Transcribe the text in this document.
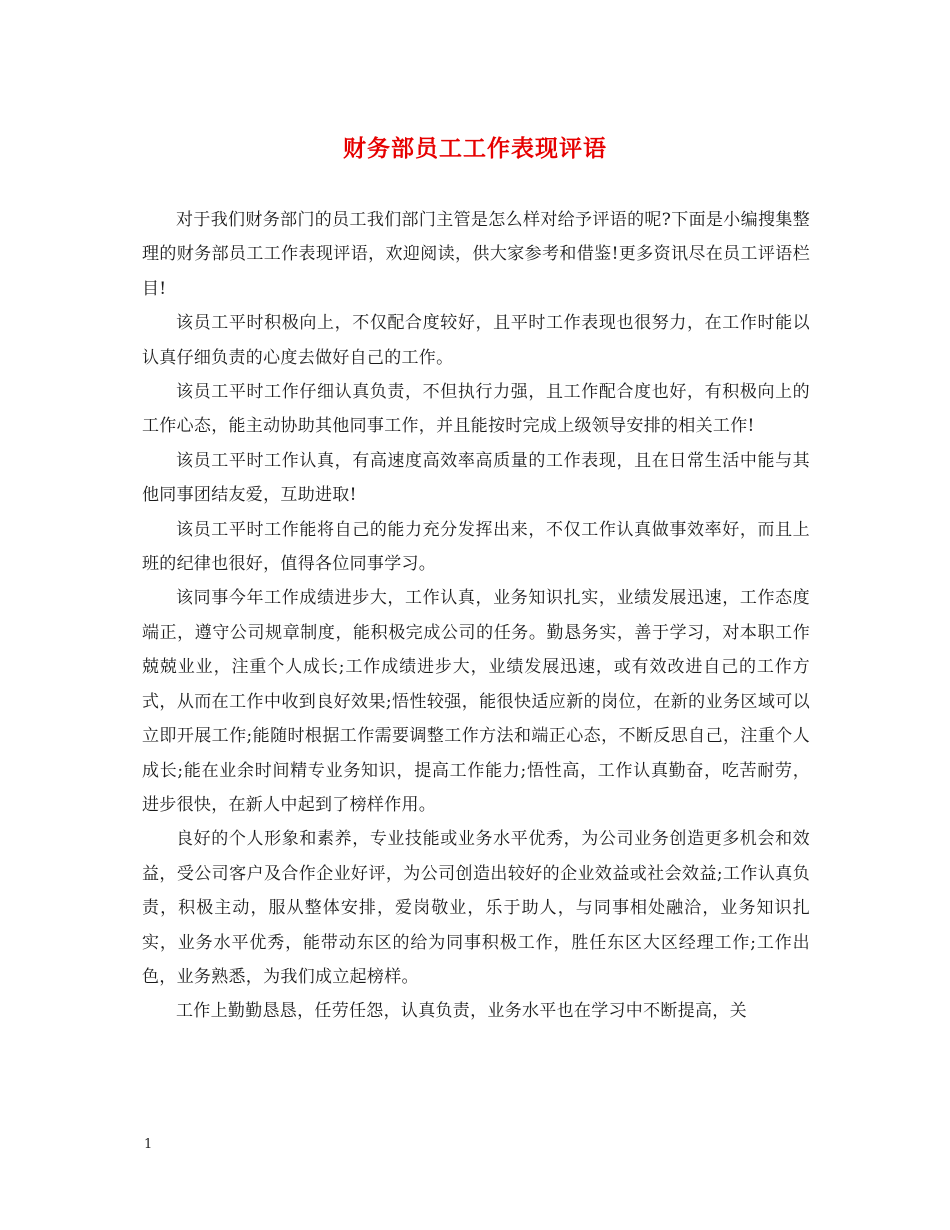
财务部员工工作表现评语

对于我们财务部门的员工我们部门主管是怎么样对给予评语的呢?下面是小编搜集整理的财务部员工工作表现评语，欢迎阅读，供大家参考和借鉴!更多资讯尽在员工评语栏目!

该员工平时积极向上，不仅配合度较好，且平时工作表现也很努力，在工作时能以认真仔细负责的心度去做好自己的工作。

该员工平时工作仔细认真负责，不但执行力强，且工作配合度也好，有积极向上的工作心态，能主动协助其他同事工作，并且能按时完成上级领导安排的相关工作!

该员工平时工作认真，有高速度高效率高质量的工作表现，且在日常生活中能与其他同事团结友爱，互助进取!

该员工平时工作能将自己的能力充分发挥出来，不仅工作认真做事效率好，而且上班的纪律也很好，值得各位同事学习。

该同事今年工作成绩进步大，工作认真，业务知识扎实，业绩发展迅速，工作态度端正，遵守公司规章制度，能积极完成公司的任务。勤恳务实，善于学习，对本职工作兢兢业业，注重个人成长;工作成绩进步大，业绩发展迅速，或有效改进自己的工作方式，从而在工作中收到良好效果;悟性较强，能很快适应新的岗位，在新的业务区域可以立即开展工作;能随时根据工作需要调整工作方法和端正心态，不断反思自己，注重个人成长;能在业余时间精专业务知识，提高工作能力;悟性高，工作认真勤奋，吃苦耐劳，进步很快，在新人中起到了榜样作用。

良好的个人形象和素养，专业技能或业务水平优秀，为公司业务创造更多机会和效益，受公司客户及合作企业好评，为公司创造出较好的企业效益或社会效益;工作认真负责，积极主动，服从整体安排，爱岗敬业，乐于助人，与同事相处融洽，业务知识扎实，业务水平优秀，能带动东区的给为同事积极工作，胜任东区大区经理工作;工作出色，业务熟悉，为我们成立起榜样。

工作上勤勤恳恳，任劳任怨，认真负责，业务水平也在学习中不断提高，关

1
